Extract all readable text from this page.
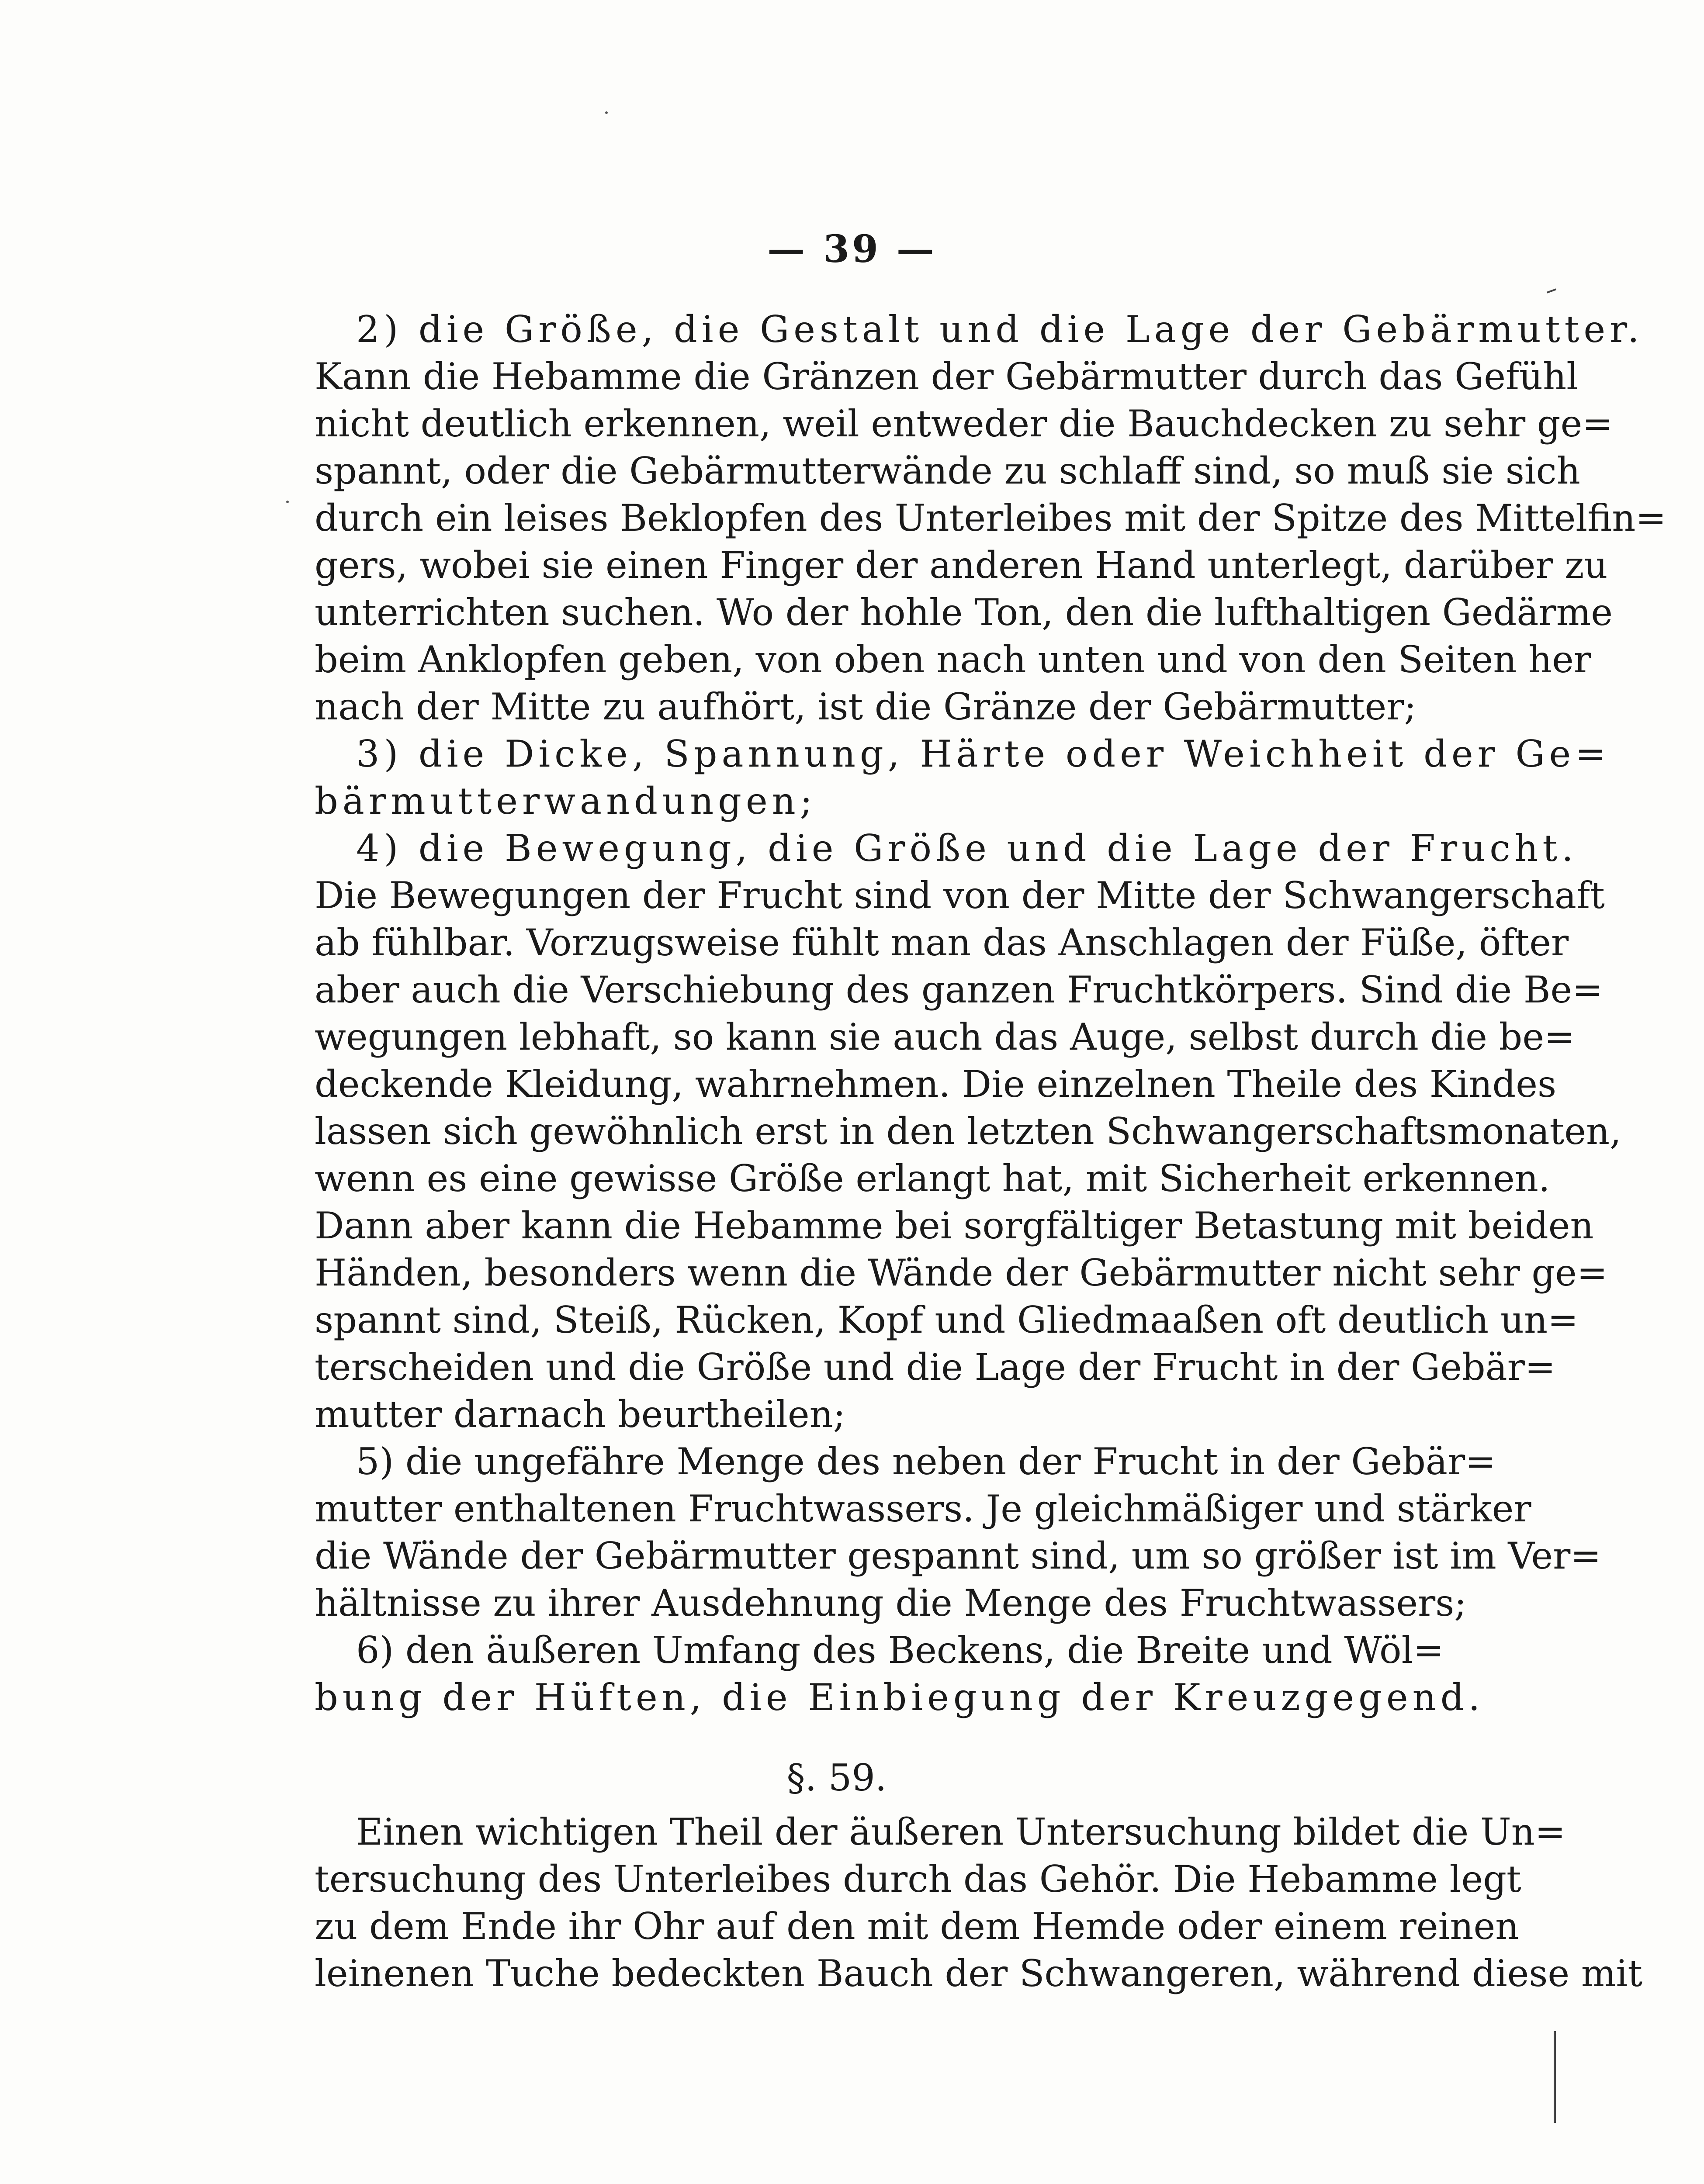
— 39 —
2) die Größe, die Gestalt und die Lage der Gebärmutter.
Kann die Hebamme die Gränzen der Gebärmutter durch das Gefühl
nicht deutlich erkennen, weil entweder die Bauchdecken zu sehr ge=
spannt, oder die Gebärmutterwände zu schlaff sind, so muß sie sich
durch ein leises Beklopfen des Unterleibes mit der Spitze des Mittelfin=
gers, wobei sie einen Finger der anderen Hand unterlegt, darüber zu
unterrichten suchen. Wo der hohle Ton, den die lufthaltigen Gedärme
beim Anklopfen geben, von oben nach unten und von den Seiten her
nach der Mitte zu aufhört, ist die Gränze der Gebärmutter;
3) die Dicke, Spannung, Härte oder Weichheit der Ge=
bärmutterwandungen;
4) die Bewegung, die Größe und die Lage der Frucht.
Die Bewegungen der Frucht sind von der Mitte der Schwangerschaft
ab fühlbar. Vorzugsweise fühlt man das Anschlagen der Füße, öfter
aber auch die Verschiebung des ganzen Fruchtkörpers. Sind die Be=
wegungen lebhaft, so kann sie auch das Auge, selbst durch die be=
deckende Kleidung, wahrnehmen. Die einzelnen Theile des Kindes
lassen sich gewöhnlich erst in den letzten Schwangerschaftsmonaten,
wenn es eine gewisse Größe erlangt hat, mit Sicherheit erkennen.
Dann aber kann die Hebamme bei sorgfältiger Betastung mit beiden
Händen, besonders wenn die Wände der Gebärmutter nicht sehr ge=
spannt sind, Steiß, Rücken, Kopf und Gliedmaaßen oft deutlich un=
terscheiden und die Größe und die Lage der Frucht in der Gebär=
mutter darnach beurtheilen;
5) die ungefähre Menge des neben der Frucht in der Gebär=
mutter enthaltenen Fruchtwassers. Je gleichmäßiger und stärker
die Wände der Gebärmutter gespannt sind, um so größer ist im Ver=
hältnisse zu ihrer Ausdehnung die Menge des Fruchtwassers;
6) den äußeren Umfang des Beckens, die Breite und Wöl=
bung der Hüften, die Einbiegung der Kreuzgegend.
§. 59.
Einen wichtigen Theil der äußeren Untersuchung bildet die Un=
tersuchung des Unterleibes durch das Gehör. Die Hebamme legt
zu dem Ende ihr Ohr auf den mit dem Hemde oder einem reinen
leinenen Tuche bedeckten Bauch der Schwangeren, während diese mit
